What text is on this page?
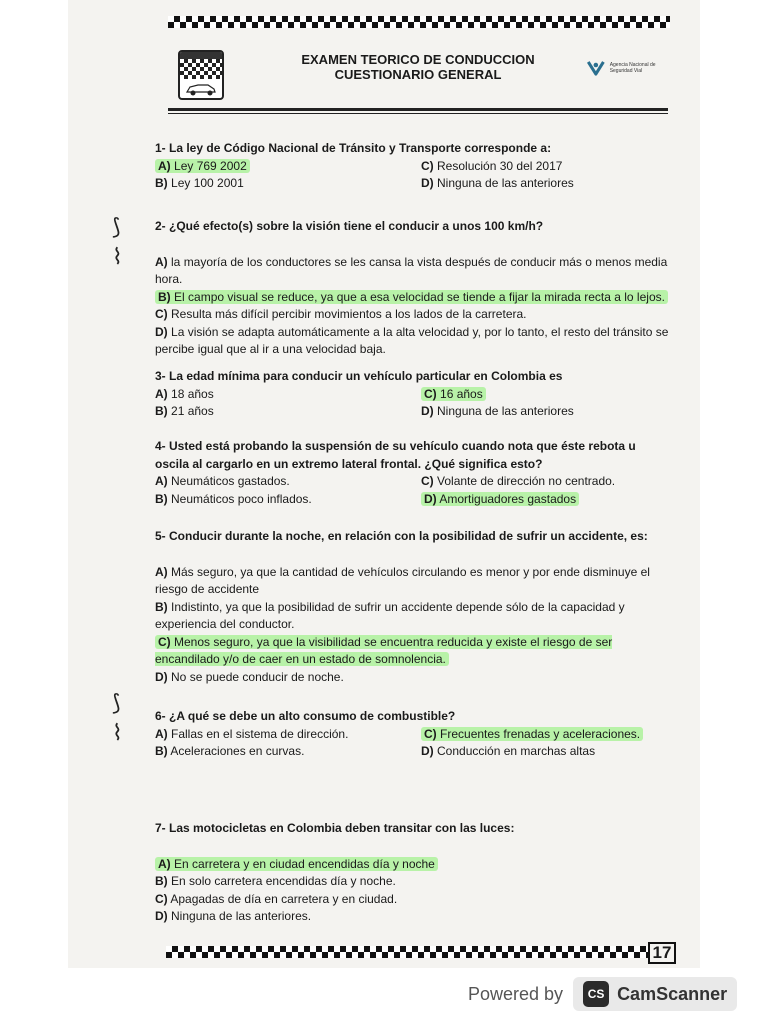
EXAMEN TEORICO DE CONDUCCION
CUESTIONARIO GENERAL
Agencia Nacional de Seguridad Vial
⟆
⌇
⟆
⌇
1- La ley de Código Nacional de Tránsito y Transporte corresponde a:
A) Ley 769 2002	C) Resolución 30 del 2017
B) Ley 100 2001	D) Ninguna de las anteriores
2- ¿Qué efecto(s) sobre la visión tiene el conducir a unos 100 km/h?
A) la mayoría de los conductores se les cansa la vista después de conducir más o menos media hora.
B) El campo visual se reduce, ya que a esa velocidad se tiende a fijar la mirada recta a lo lejos.
C) Resulta más difícil percibir movimientos a los lados de la carretera.
D) La visión se adapta automáticamente a la alta velocidad y, por lo tanto, el resto del tránsito se percibe igual que al ir a una velocidad baja.
3- La edad mínima para conducir un vehículo particular en Colombia es
A) 18 años	C) 16 años
B) 21 años	D) Ninguna de las anteriores
4- Usted está probando la suspensión de su vehículo cuando nota que éste rebota u oscila al cargarlo en un extremo lateral frontal. ¿Qué significa esto?
A) Neumáticos gastados.	C) Volante de dirección no centrado.
B) Neumáticos poco inflados.	D) Amortiguadores gastados
5- Conducir durante la noche, en relación con la posibilidad de sufrir un accidente, es:
A) Más seguro, ya que la cantidad de vehículos circulando es menor y por ende disminuye el riesgo de accidente
B) Indistinto, ya que la posibilidad de sufrir un accidente depende sólo de la capacidad y experiencia del conductor.
C) Menos seguro, ya que la visibilidad se encuentra reducida y existe el riesgo de ser encandilado y/o de caer en un estado de somnolencia.
D) No se puede conducir de noche.
6- ¿A qué se debe un alto consumo de combustible?
A) Fallas en el sistema de dirección.	C) Frecuentes frenadas y aceleraciones.
B) Aceleraciones en curvas.	D) Conducción en marchas altas
7- Las motocicletas en Colombia deben transitar con las luces:
A) En carretera y en ciudad encendidas día y noche
B) En solo carretera encendidas día y noche.
C) Apagadas de día en carretera y en ciudad.
D) Ninguna de las anteriores.
17
Powered by	CS CamScanner
